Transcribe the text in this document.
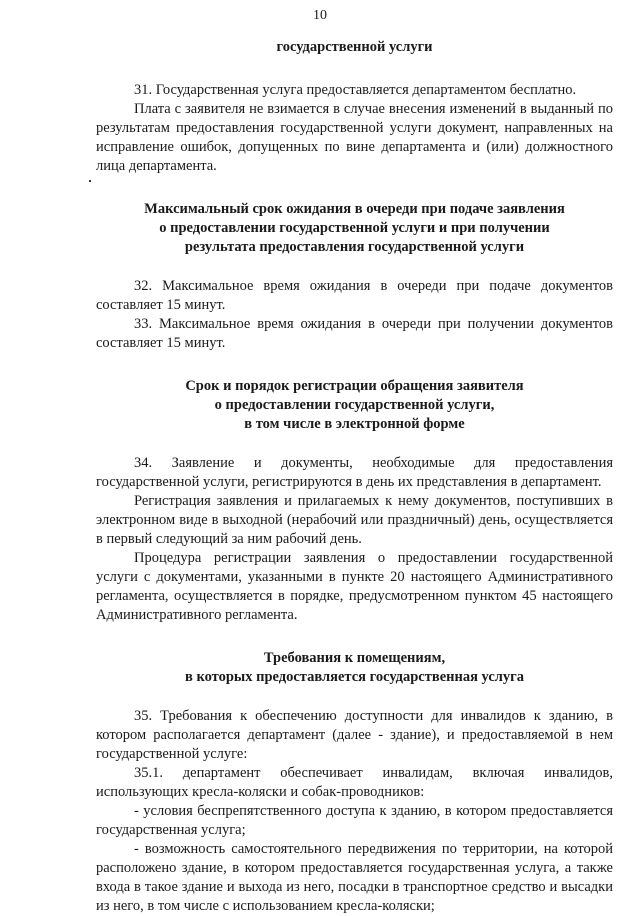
10
государственной услуги

31. Государственная услуга предоставляется департаментом бесплатно.

Плата с заявителя не взимается в случае внесения изменений в выданный по результатам предоставления государственной услуги документ, направленных на исправление ошибок, допущенных по вине департамента и (или) должностного лица департамента.

Максимальный срок ожидания в очереди при подаче заявления
о предоставлении государственной услуги и при получении
результата предоставления государственной услуги

32. Максимальное время ожидания в очереди при подаче документов составляет 15 минут.

33. Максимальное время ожидания в очереди при получении документов составляет 15 минут.

Срок и порядок регистрации обращения заявителя
о предоставлении государственной услуги,
в том числе в электронной форме

34. Заявление и документы, необходимые для предоставления государственной услуги, регистрируются в день их представления в департамент.

Регистрация заявления и прилагаемых к нему документов, поступивших в электронном виде в выходной (нерабочий или праздничный) день, осуществляется в первый следующий за ним рабочий день.

Процедура регистрации заявления о предоставлении государственной услуги с документами, указанными в пункте 20 настоящего Административного регламента, осуществляется в порядке, предусмотренном пунктом 45 настоящего Административного регламента.

Требования к помещениям,
в которых предоставляется государственная услуга

35. Требования к обеспечению доступности для инвалидов к зданию, в котором располагается департамент (далее - здание), и предоставляемой в нем государственной услуге:

35.1. департамент обеспечивает инвалидам, включая инвалидов, использующих кресла-коляски и собак-проводников:

- условия беспрепятственного доступа к зданию, в котором предоставляется государственная услуга;

- возможность самостоятельного передвижения по территории, на которой расположено здание, в котором предоставляется государственная услуга, а также входа в такое здание и выхода из него, посадки в транспортное средство и высадки из него, в том числе с использованием кресла-коляски;
